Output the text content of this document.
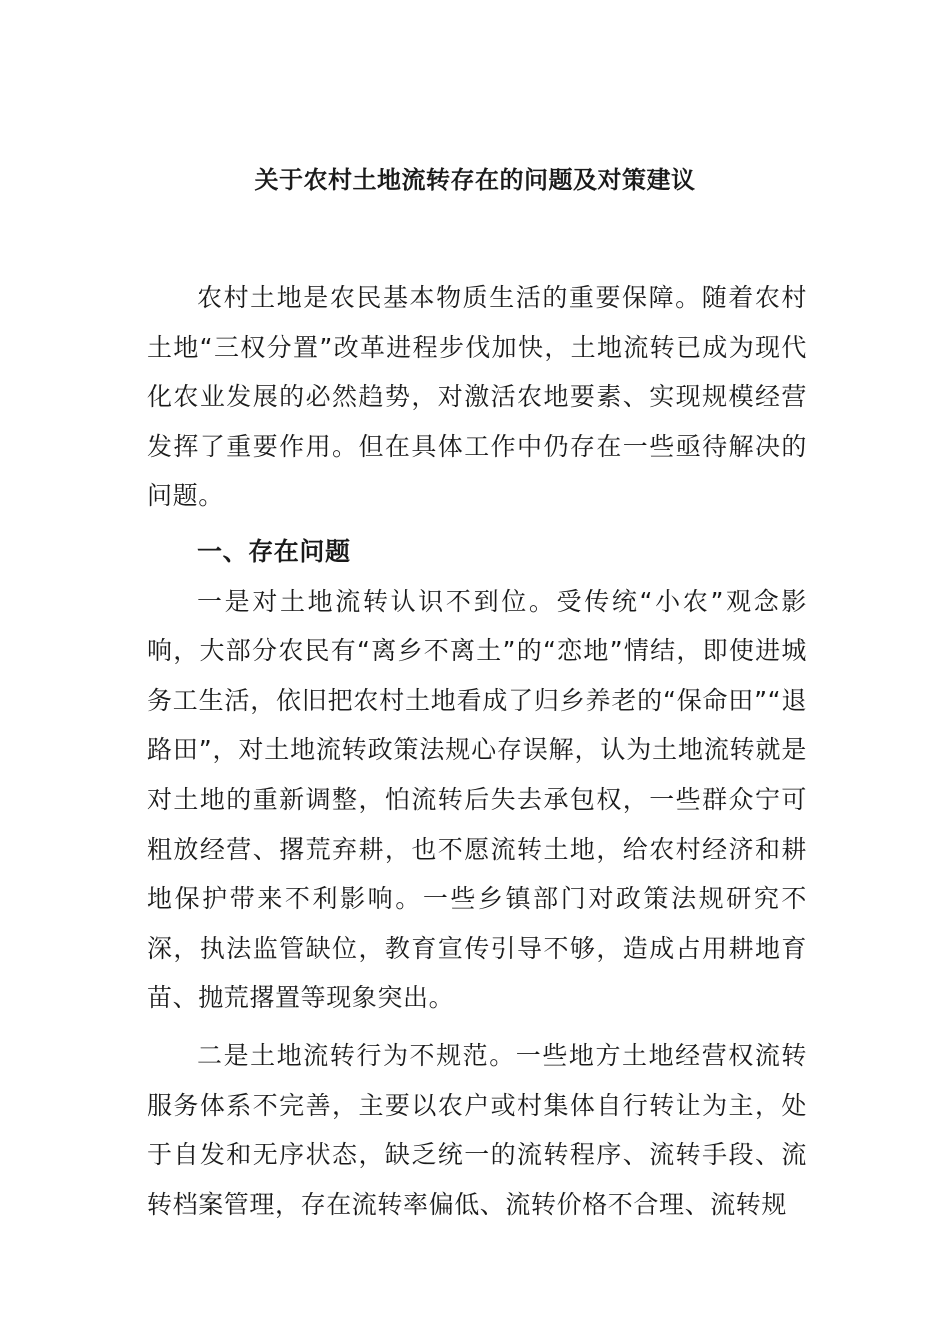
关于农村土地流转存在的问题及对策建议

农村土地是农民基本物质生活的重要保障。随着农村土地“三权分置”改革进程步伐加快，土地流转已成为现代化农业发展的必然趋势，对激活农地要素、实现规模经营发挥了重要作用。但在具体工作中仍存在一些亟待解决的问题。

一、存在问题

一是对土地流转认识不到位。受传统“小农”观念影响，大部分农民有“离乡不离土”的“恋地”情结，即使进城务工生活，依旧把农村土地看成了归乡养老的“保命田”“退路田”，对土地流转政策法规心存误解，认为土地流转就是对土地的重新调整，怕流转后失去承包权，一些群众宁可粗放经营、撂荒弃耕，也不愿流转土地，给农村经济和耕地保护带来不利影响。一些乡镇部门对政策法规研究不深，执法监管缺位，教育宣传引导不够，造成占用耕地育苗、抛荒撂置等现象突出。

二是土地流转行为不规范。一些地方土地经营权流转服务体系不完善，主要以农户或村集体自行转让为主，处于自发和无序状态，缺乏统一的流转程序、流转手段、流转档案管理，存在流转率偏低、流转价格不合理、流转规
